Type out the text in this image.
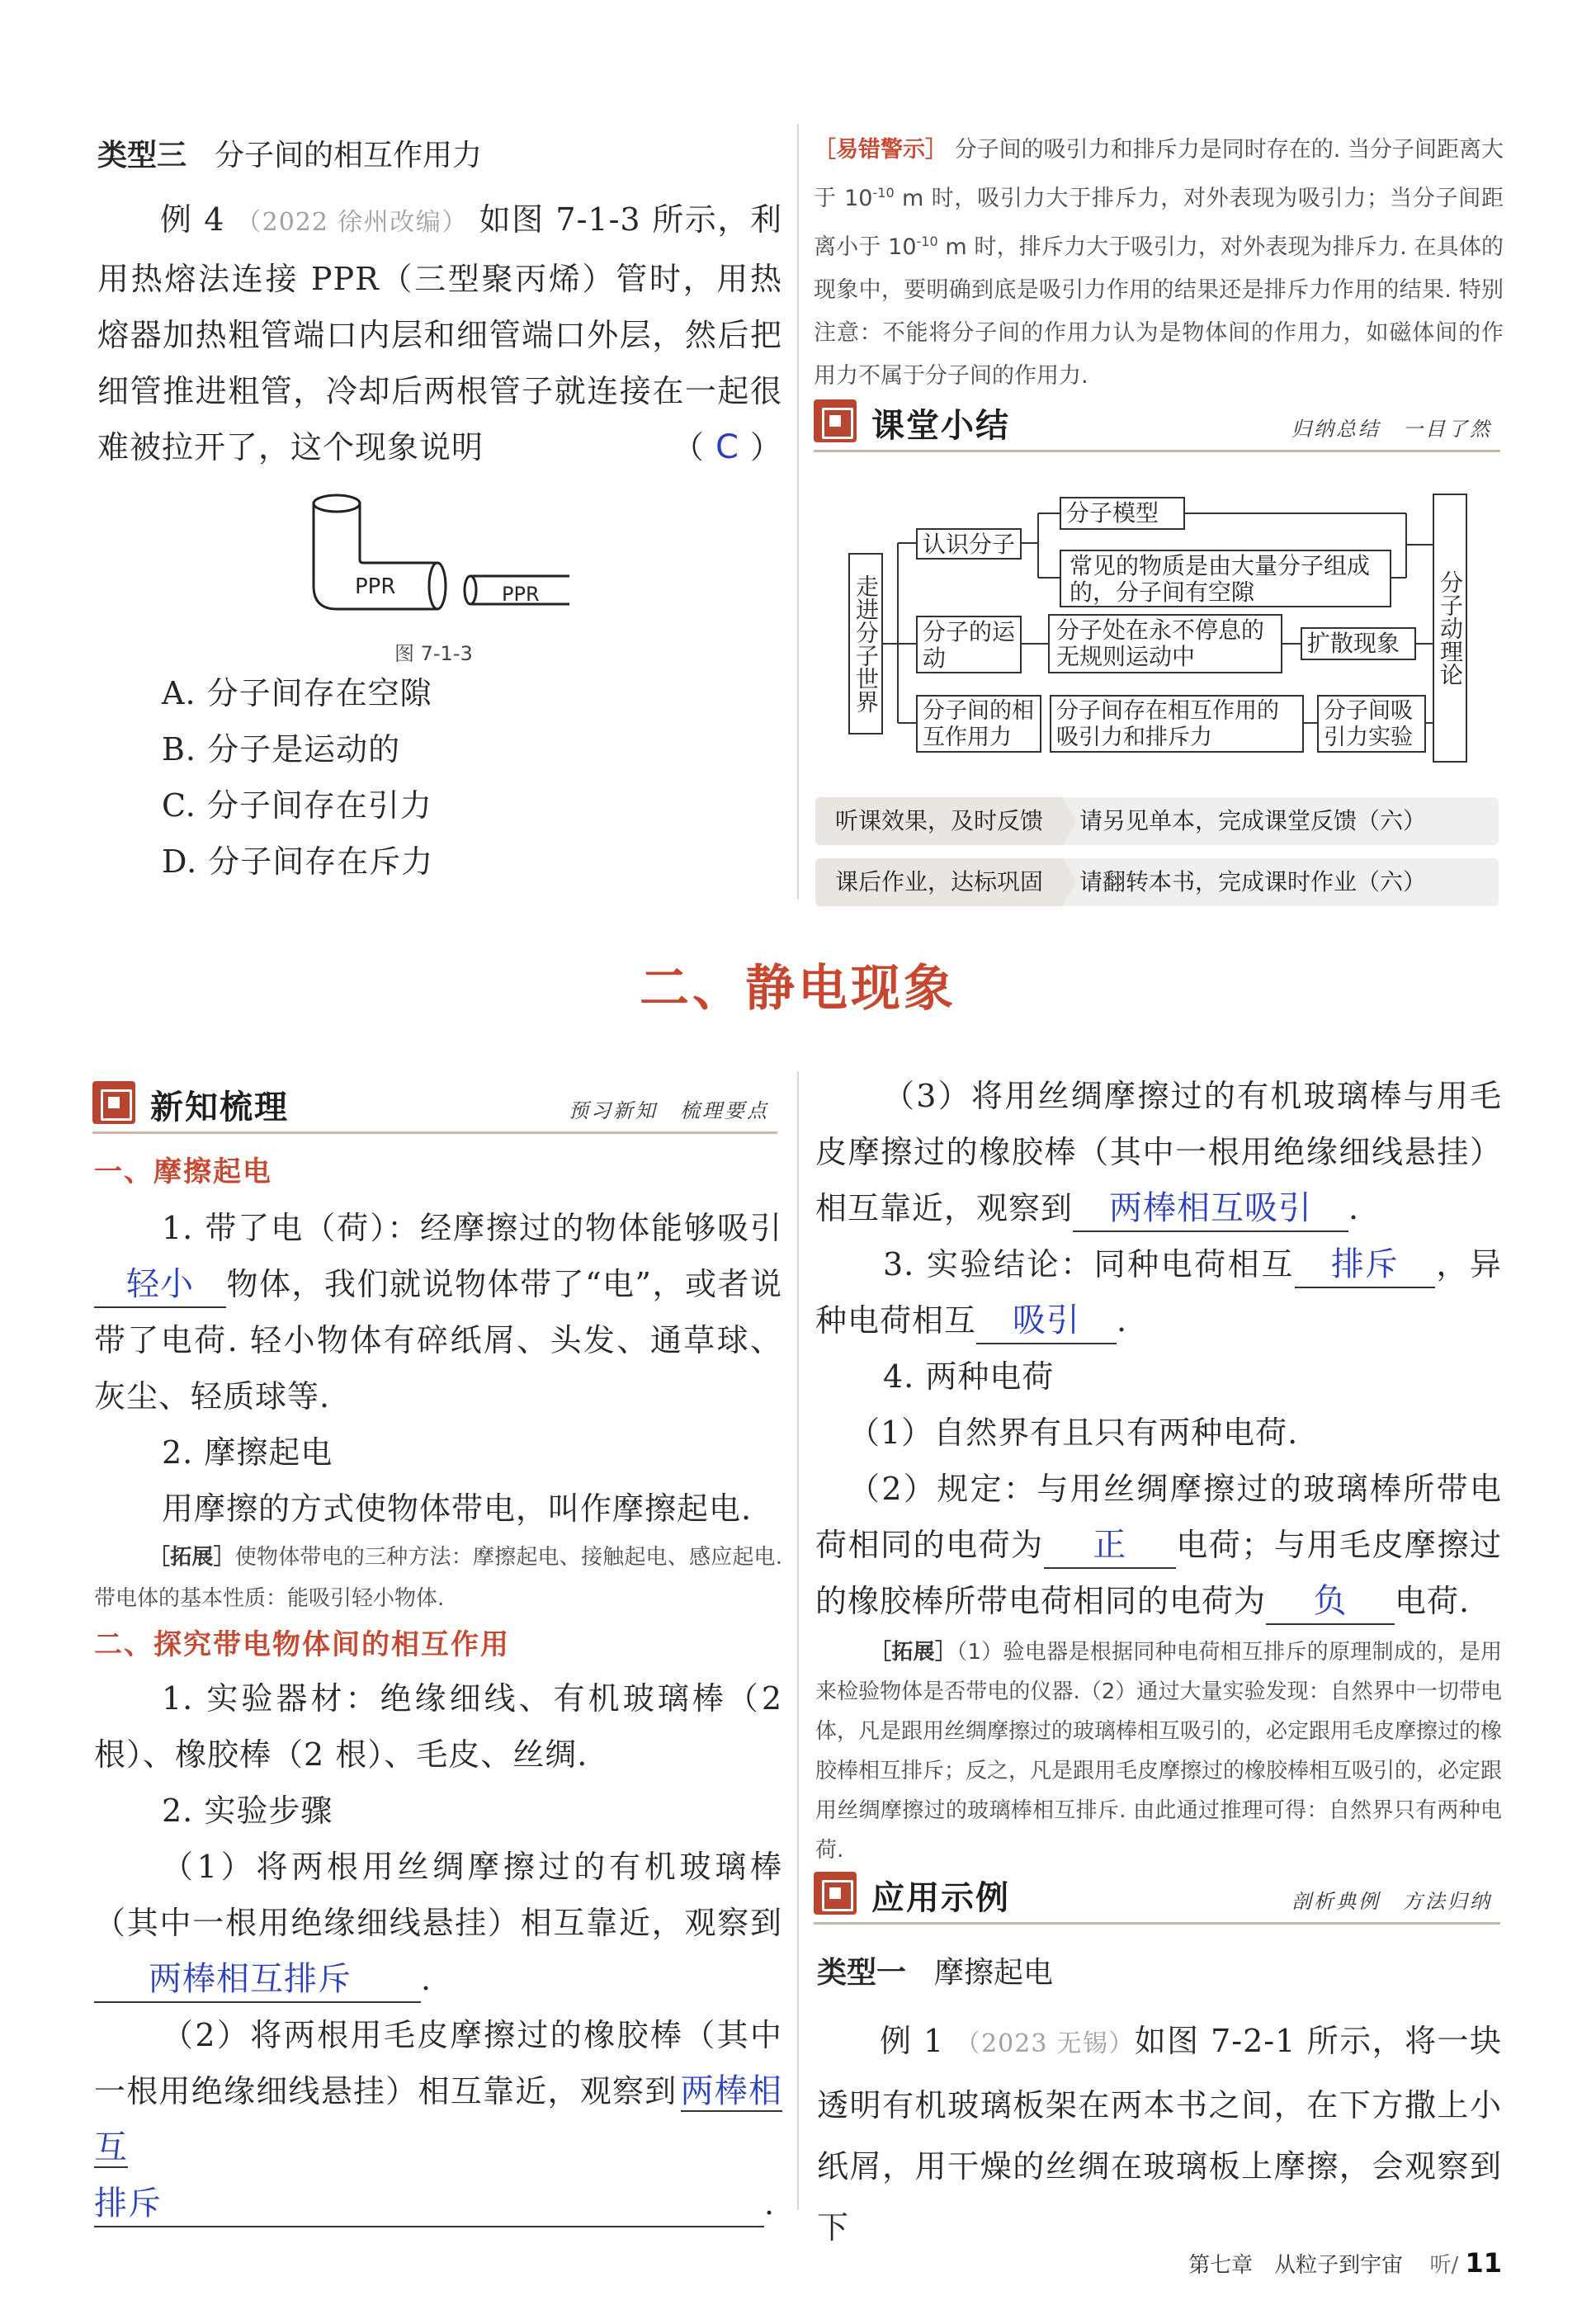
类型三 分子间的相互作用力
例 4 （2022 徐州改编） 如图 7-1-3 所示，利用热熔法连接 PPR（三型聚丙烯）管时，用热熔器加热粗管端口内层和细管端口外层，然后把细管推进粗管，冷却后两根管子就连接在一起很难被拉开了，这个现象说明	（ C ）
PPR	PPR
图 7-1-3
A. 分子间存在空隙
B. 分子是运动的
C. 分子间存在引力
D. 分子间存在斥力
［易错警示］ 分子间的吸引力和排斥力是同时存在的. 当分子间距离大于 $10^{-10}$ m 时，吸引力大于排斥力，对外表现为吸引力；当分子间距离小于 $10^{-10}$ m 时，排斥力大于吸引力，对外表现为排斥力. 在具体的现象中，要明确到底是吸引力作用的结果还是排斥力作用的结果. 特别注意：不能将分子间的作用力认为是物体间的作用力，如磁体间的作用力不属于分子间的作用力.
课堂小结	归纳总结　一目了然
走进分子世界	分子动理论
认识分子
分子模型
常见的物质是由大量分子组成的，分子间有空隙
分子的运动
分子处在永不停息的无规则运动中	扩散现象
分子间的相互作用力
分子间存在相互作用的吸引力和排斥力
分子间吸引力实验
听课效果，及时反馈	请另见单本，完成课堂反馈（六）
课后作业，达标巩固	请翻转本书，完成课时作业（六）
二、静电现象
新知梳理	预习新知　梳理要点
一、摩擦起电
1. 带了电（荷）：经摩擦过的物体能够吸引轻小 物体，我们就说物体带了“电”，或者说带了电荷. 轻小物体有碎纸屑、头发、通草球、灰尘、轻质球等.
2. 摩擦起电
用摩擦的方式使物体带电，叫作摩擦起电.
［拓展］使物体带电的三种方法：摩擦起电、接触起电、感应起电. 带电体的基本性质：能吸引轻小物体.
二、探究带电物体间的相互作用
1. 实验器材：绝缘细线、有机玻璃棒（2 根）、橡胶棒（2 根）、毛皮、丝绸.
2. 实验步骤
（1）将两根用丝绸摩擦过的有机玻璃棒（其中一根用绝缘细线悬挂）相互靠近，观察到 两棒相互排斥 .
（2）将两根用毛皮摩擦过的橡胶棒（其中一根用绝缘细线悬挂）相互靠近，观察到 两棒相互
排斥	.
（3）将用丝绸摩擦过的有机玻璃棒与用毛皮摩擦过的橡胶棒（其中一根用绝缘细线悬挂）相互靠近，观察到 两棒相互吸引 .
3. 实验结论：同种电荷相互 排斥 ，异种电荷相互 吸引 .
4. 两种电荷
（1）自然界有且只有两种电荷.
（2）规定：与用丝绸摩擦过的玻璃棒所带电荷相同的电荷为 正 电荷；与用毛皮摩擦过的橡胶棒所带电荷相同的电荷为 负 电荷.
［拓展］（1）验电器是根据同种电荷相互排斥的原理制成的，是用来检验物体是否带电的仪器.（2）通过大量实验发现：自然界中一切带电体，凡是跟用丝绸摩擦过的玻璃棒相互吸引的，必定跟用毛皮摩擦过的橡胶棒相互排斥；反之，凡是跟用毛皮摩擦过的橡胶棒相互吸引的，必定跟用丝绸摩擦过的玻璃棒相互排斥. 由此通过推理可得：自然界只有两种电荷.
应用示例	剖析典例　方法归纳
类型一 摩擦起电
例 1 （2023 无锡）如图 7-2-1 所示，将一块透明有机玻璃板架在两本书之间，在下方撒上小纸屑，用干燥的丝绸在玻璃板上摩擦，会观察到下
第七章　从粒子到宇宙 听/ 11
